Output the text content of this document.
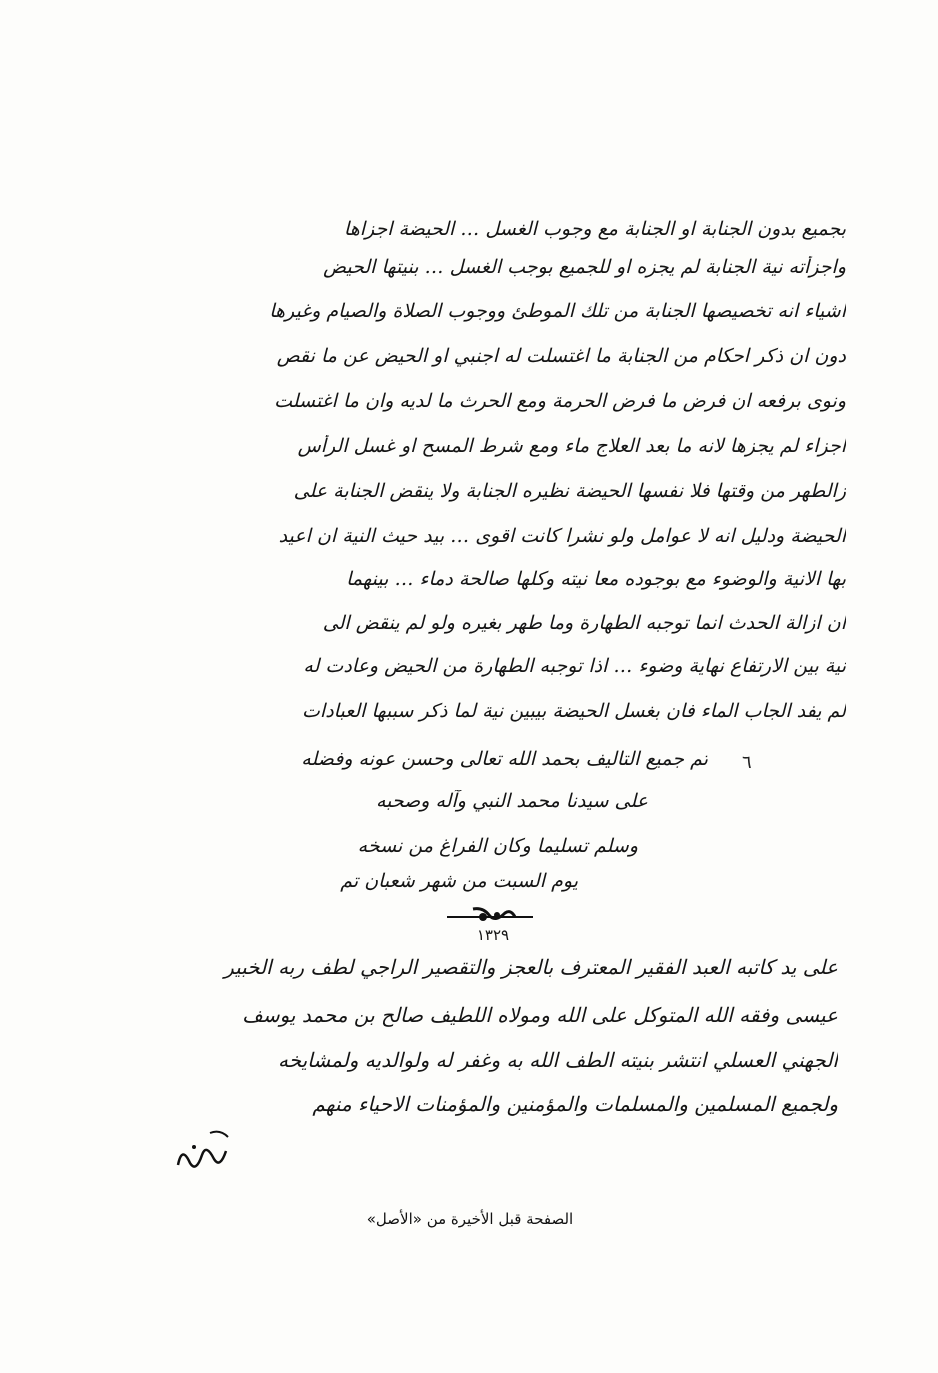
بجميع بدون الجنابة او الجنابة مع وجوب الغسل … الحيضة اجزاها
واجزأته نية الجنابة لم يجزه او للجميع بوجب الغسل … بنيتها الحيض
اشياء انه تخصيصها الجنابة من تلك الموطئ ووجوب الصلاة والصيام وغيرها
دون ان ذكر احكام من الجنابة ما اغتسلت له اجنبي او الحيض عن ما نقص
ونوى برفعه ان فرض ما فرض الحرمة ومع الحرث ما لديه وان ما اغتسلت
اجزاء لم يجزها لانه ما بعد العلاج ماء ومع شرط المسح او غسل الرأس
زالطهر من وقتها فلا نفسها الحيضة نظيره الجنابة ولا ينقض الجنابة على
الحيضة ودليل انه لا عوامل ولو نشرا كانت اقوى … بيد حيث النية ان اعيد
بها الانية والوضوء مع بوجوده معا نيته وكلها صالحة دماء … بينهما
ان ازالة الحدث انما توجبه الطهارة وما طهر بغيره ولو لم ينقض الى
نية بين الارتفاع نهاية وضوء … اذا توجبه الطهارة من الحيض وعادت له
لم يفد الجاب الماء فان بغسل الحيضة بيبين نية لما ذكر سببها العبادات
تم جميع التاليف بحمد الله تعالى وحسن عونه وفضله ٦
على سيدنا محمد النبي وآله وصحبه
وسلم تسليما وكان الفراغ من نسخه
يوم السبت من شهر شعبان تم
١٣٢٩
على يد كاتبه العبد الفقير المعترف بالعجز والتقصير الراجي لطف ربه الخبير
عيسى وفقه الله المتوكل على الله ومولاه اللطيف صالح بن محمد يوسف
الجهني العسلي انتشر بنيته الطف الله به وغفر له ولوالديه ولمشايخه
ولجميع المسلمين والمسلمات والمؤمنين والمؤمنات الاحياء منهم
الصفحة قبل الأخيرة من «الأصل»
